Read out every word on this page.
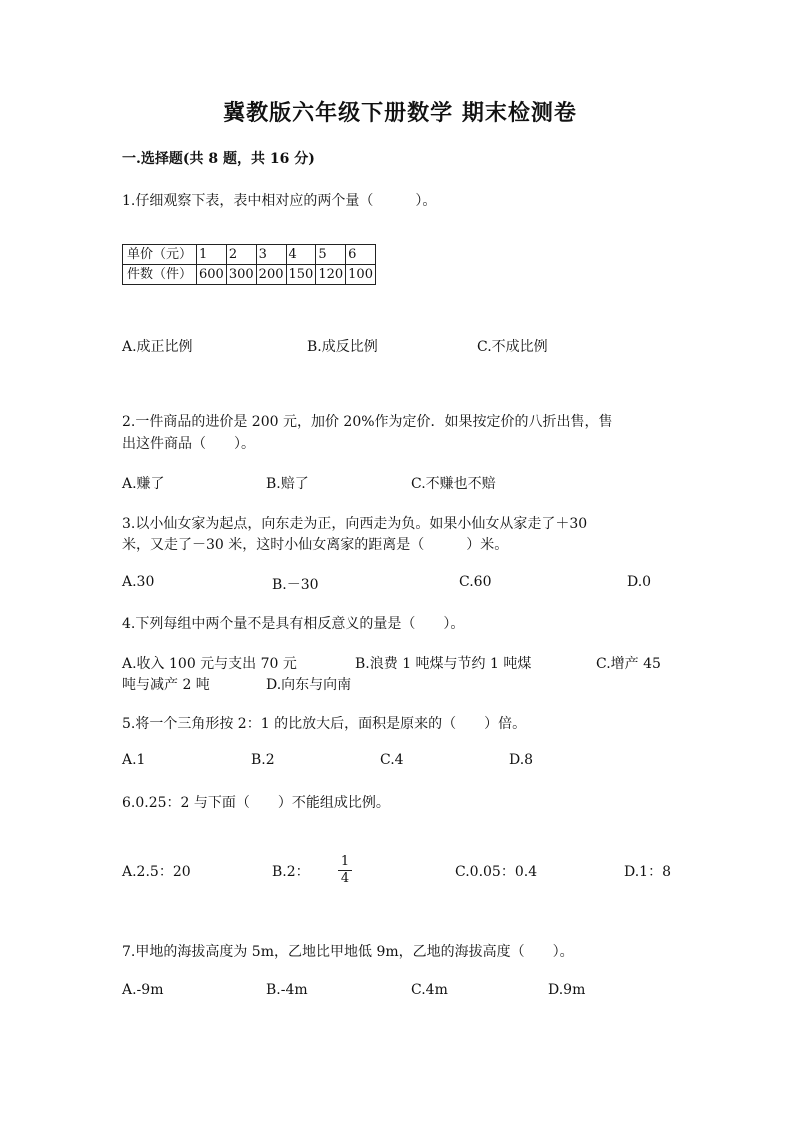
冀教版六年级下册数学 期末检测卷
一.选择题(共 8 题，共 16 分)
1.仔细观察下表，表中相对应的两个量（　　　）。
单价（元）	1	2	3	4	5	6
件数（件）	600	300	200	150	120	100
A.成正比例	B.成反比例	C.不成比例
2.一件商品的进价是 200 元，加价 20%作为定价．如果按定价的八折出售，售
出这件商品（　　）。
A.赚了	B.赔了	C.不赚也不赔
3.以小仙女家为起点，向东走为正，向西走为负。如果小仙女从家走了＋30
米，又走了－30 米，这时小仙女离家的距离是（　　　）米。
A.30	B.－30	C.60	D.0
4.下列每组中两个量不是具有相反意义的量是（　　）。
A.收入 100 元与支出 70 元	B.浪费 1 吨煤与节约 1 吨煤	C.增产 45
吨与减产 2 吨	D.向东与向南
5.将一个三角形按 2：1 的比放大后，面积是原来的（　　）倍。
A.1	B.2	C.4	D.8
6.0.25：2 与下面（　　）不能组成比例。
A.2.5：20	B.2：
1
4	C.0.05：0.4	D.1：8
7.甲地的海拔高度为 5m，乙地比甲地低 9m，乙地的海拔高度（　　）。
A.-9m	B.-4m	C.4m	D.9m
